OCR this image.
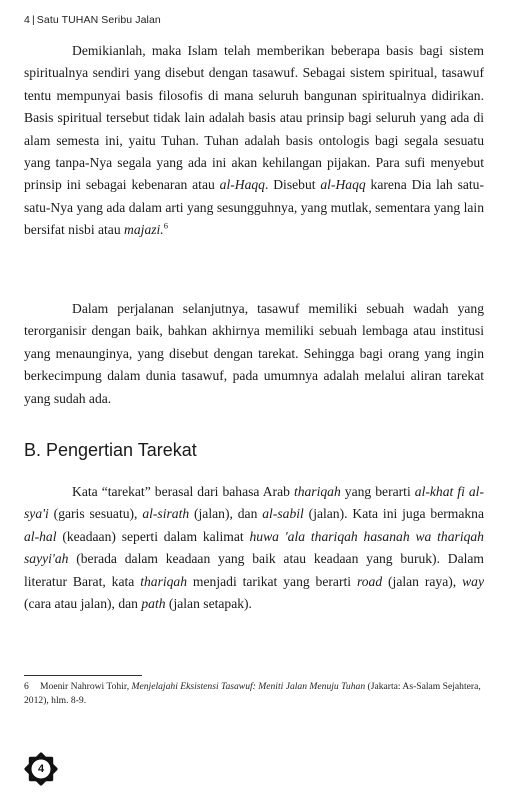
4 | Satu TUHAN Seribu Jalan

Demikianlah, maka Islam telah memberikan beberapa basis bagi sistem spiritualnya sendiri yang disebut dengan tasawuf. Sebagai sistem spiritual, tasawuf tentu mempunyai basis filosofis di mana seluruh bangunan spiritualnya didirikan. Basis spiritual tersebut tidak lain adalah basis atau prinsip bagi seluruh yang ada di alam semesta ini, yaitu Tuhan. Tuhan adalah basis ontologis bagi segala sesuatu yang tanpa-Nya segala yang ada ini akan kehilangan pijakan. Para sufi menyebut prinsip ini sebagai kebenaran atau al-Haqq. Disebut al-Haqq karena Dia lah satu-satu-Nya yang ada dalam arti yang sesungguhnya, yang mutlak, sementara yang lain bersifat nisbi atau majazi.$^6$

Dalam perjalanan selanjutnya, tasawuf memiliki sebuah wadah yang terorganisir dengan baik, bahkan akhirnya memiliki sebuah lembaga atau institusi yang menaunginya, yang disebut dengan tarekat. Sehingga bagi orang yang ingin berkecimpung dalam dunia tasawuf, pada umumnya adalah melalui aliran tarekat yang sudah ada.

B. Pengertian Tarekat

Kata “tarekat” berasal dari bahasa Arab thariqah yang berarti al-khat fi al-sya'i (garis sesuatu), al-sirath (jalan), dan al-sabil (jalan). Kata ini juga bermakna al-hal (keadaan) seperti dalam kalimat huwa 'ala thariqah hasanah wa thariqah sayyi'ah (berada dalam keadaan yang baik atau keadaan yang buruk). Dalam literatur Barat, kata thariqah menjadi tarikat yang berarti road (jalan raya), way (cara atau jalan), dan path (jalan setapak).

6 Moenir Nahrowi Tohir, Menjelajahi Eksistensi Tasawuf: Meniti Jalan Menuju Tuhan (Jakarta: As-Salam Sejahtera, 2012), hlm. 8-9.

4
